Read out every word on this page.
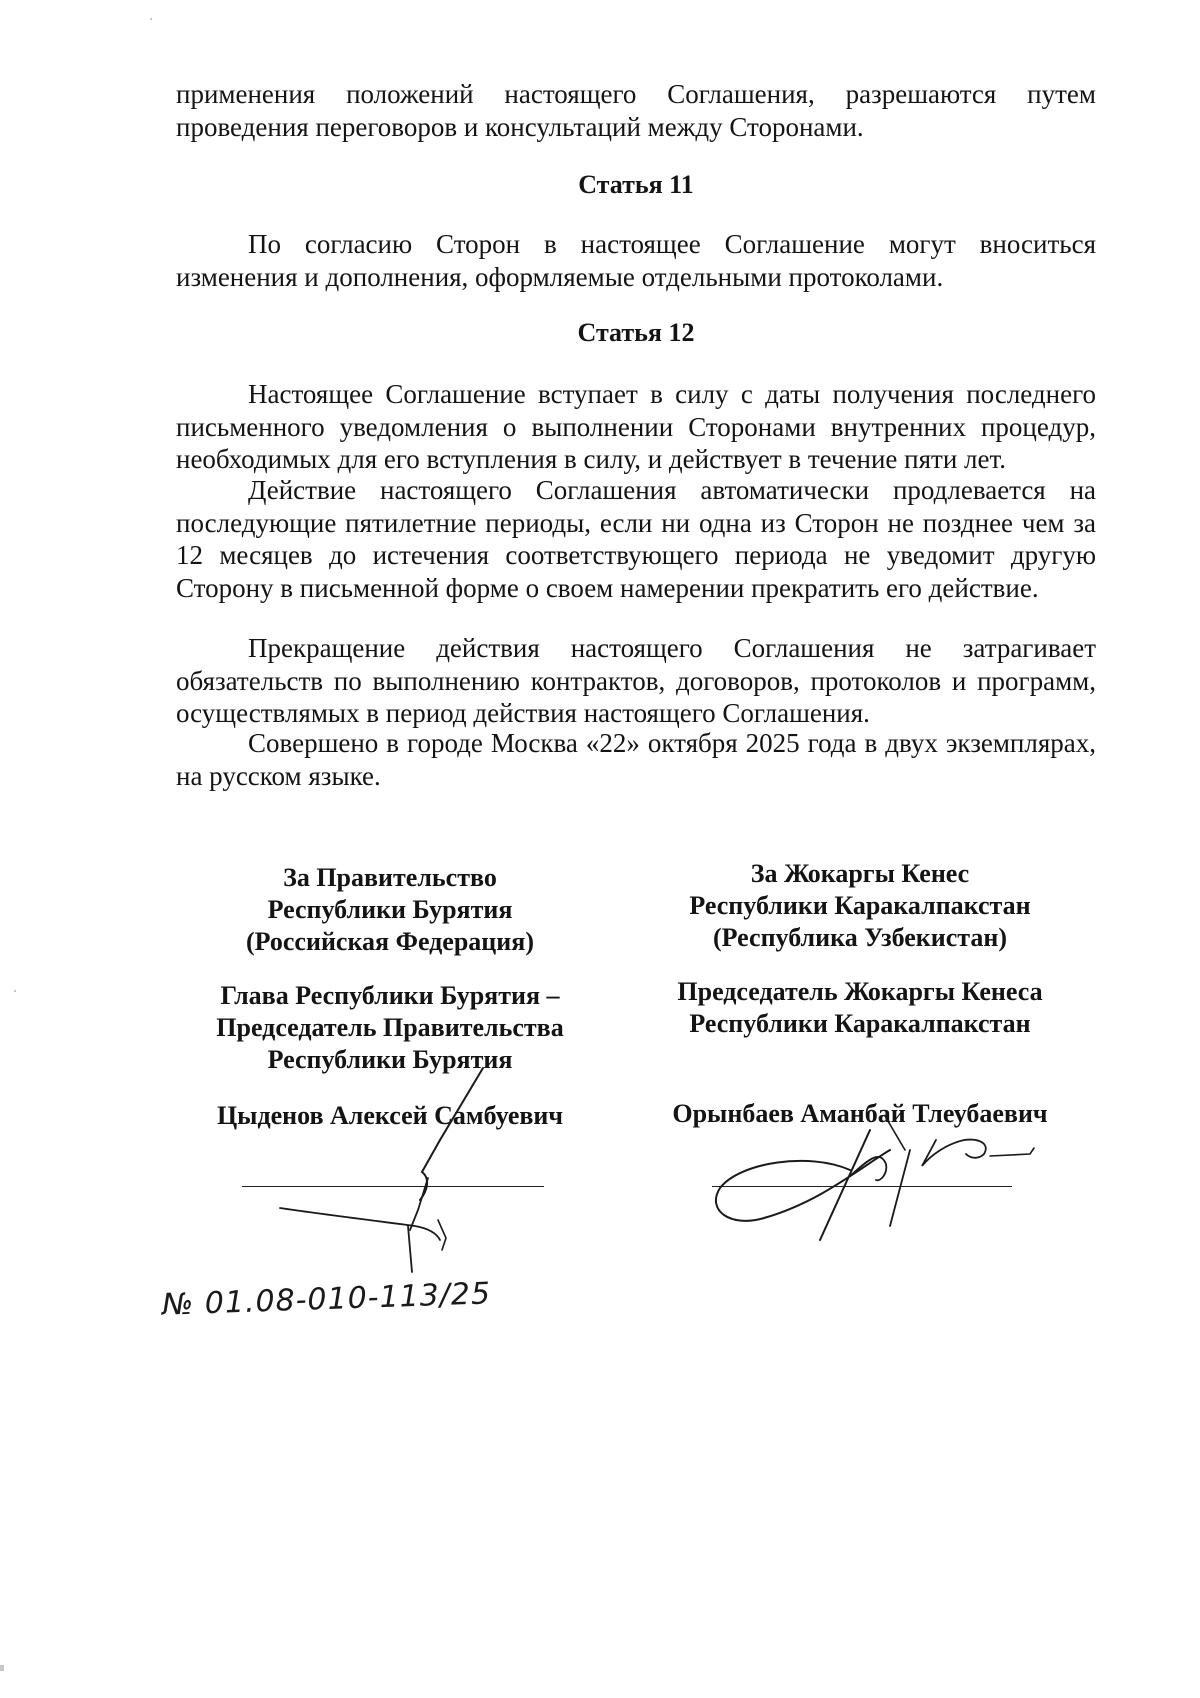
применения положений настоящего Соглашения, разрешаются путем проведения переговоров и консультаций между Сторонами.

Статья 11

По согласию Сторон в настоящее Соглашение могут вноситься изменения и дополнения, оформляемые отдельными протоколами.

Статья 12

Настоящее Соглашение вступает в силу с даты получения последнего письменного уведомления о выполнении Сторонами внутренних процедур, необходимых для его вступления в силу, и действует в течение пяти лет.

Действие настоящего Соглашения автоматически продлевается на последующие пятилетние периоды, если ни одна из Сторон не позднее чем за 12 месяцев до истечения соответствующего периода не уведомит другую Сторону в письменной форме о своем намерении прекратить его действие.

Прекращение действия настоящего Соглашения не затрагивает обязательств по выполнению контрактов, договоров, протоколов и программ, осуществлямых в период действия настоящего Соглашения.

Совершено в городе Москва «22» октября 2025 года в двух экземплярах, на русском языке.

За Правительство
Республики Бурятия
(Российская Федерация)
Глава Республики Бурятия –
Председатель Правительства
Республики Бурятия
Цыденов Алексей Самбуевич
За Жокаргы Кенес
Республики Каракалпакстан
(Республика Узбекистан)
Председатель Жокаргы Кенеса
Республики Каракалпакстан
Орынбаев Аманбай Тлеубаевич
№ 01.08-010-113/25
